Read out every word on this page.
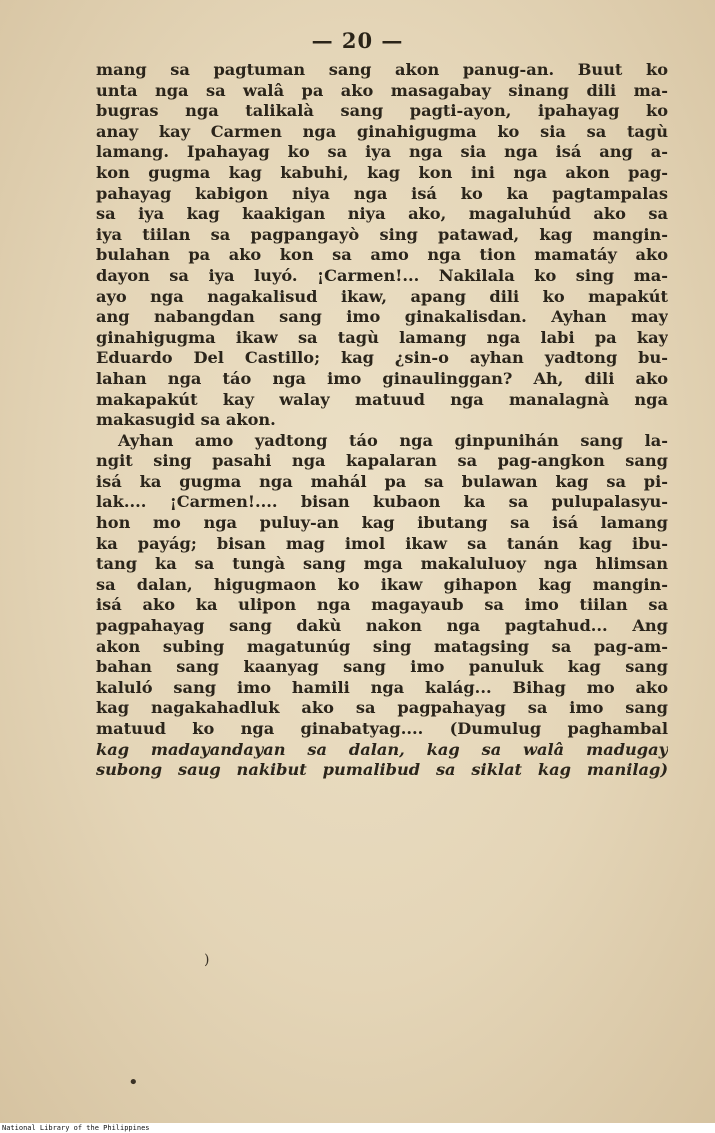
— 20 —
mang sa pagtuman sang akon panug-an. Buut ko
unta nga sa walâ pa ako masagabay sinang dili ma-
bugras nga talikalà sang pagti-ayon, ipahayag ko
anay kay Carmen nga ginahigugma ko sia sa tagù
lamang. Ipahayag ko sa iya nga sia nga isá ang a-
kon gugma kag kabuhi, kag kon ini nga akon pag-
pahayag kabigon niya nga isá ko ka pagtampalas
sa iya kag kaakigan niya ako, magaluhúd ako sa
iya tiilan sa pagpangayò sing patawad, kag mangin-
bulahan pa ako kon sa amo nga tion mamatáy ako
dayon sa iya luyó. ¡Carmen!... Nakilala ko sing ma-
ayo nga nagakalisud ikaw, apang dili ko mapakút
ang nabangdan sang imo ginakalisdan. Ayhan may
ginahigugma ikaw sa tagù lamang nga labi pa kay
Eduardo Del Castillo; kag ¿sin-o ayhan yadtong bu-
lahan nga táo nga imo ginaulinggan? Ah, dili ako
makapakút kay walay matuud nga manalagnà nga
makasugid sa akon.
Ayhan amo yadtong táo nga ginpunihán sang la-
ngit sing pasahi nga kapalaran sa pag-angkon sang
isá ka gugma nga mahál pa sa bulawan kag sa pi-
lak.... ¡Carmen!.... bisan kubaon ka sa pulupalasyu-
hon mo nga puluy-an kag ibutang sa isá lamang
ka payág; bisan mag imol ikaw sa tanán kag ibu-
tang ka sa tungà sang mga makaluluoy nga hlimsan
sa dalan, higugmaon ko ikaw gihapon kag mangin-
isá ako ka ulipon nga magayaub sa imo tiilan sa
pagpahayag sang dakù nakon nga pagtahud... Ang
akon subing magatunúg sing matagsing sa pag-am-
bahan sang kaanyag sang imo panuluk kag sang
kaluló sang imo hamili nga kalág... Bihag mo ako
kag nagakahadluk ako sa pagpahayag sa imo sang
matuud ko nga ginabatyag.... (Dumulug paghambal
kag madayandayan sa dalan, kag sa walâ madugay
subong saug nakibut pumalibud sa siklat kag manilag)
)
•
National Library of the Philippines
